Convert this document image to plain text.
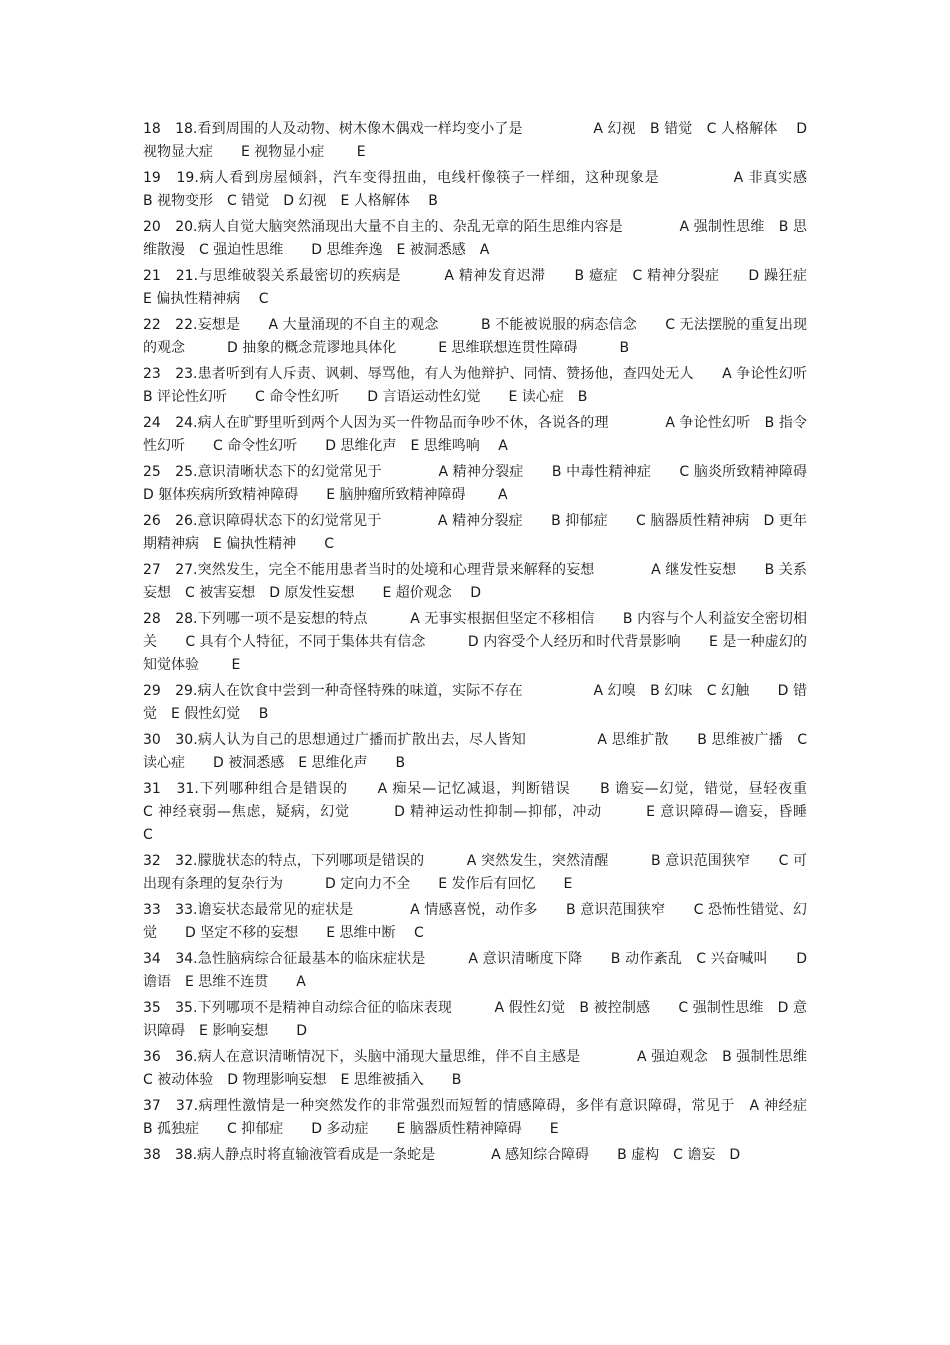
18　 18.看到周围的人及动物、树木像木偶戏一样均变小了是　　　　　A 幻视　B 错觉　C 人格解体　 D 视物显大症　　E 视物显小症　　 E

19　 19.病人看到房屋倾斜，汽车变得扭曲，电线杆像筷子一样细，这种现象是　　　　　A 非真实感　　B 视物变形　C 错觉　D 幻视　E 人格解体　 B

20　 20.病人自觉大脑突然涌现出大量不自主的、杂乱无章的陌生思维内容是　　　　A 强制性思维　B 思维散漫　C 强迫性思维　　D 思维奔逸　E 被洞悉感　A

21　 21.与思维破裂关系最密切的疾病是　　　A 精神发育迟滞　　B 癔症　C 精神分裂症　　D 躁狂症　　E 偏执性精神病　 C

22　 22.妄想是　　A 大量涌现的不自主的观念　　　B 不能被说服的病态信念　　C 无法摆脱的重复出现的观念　　　D 抽象的概念荒谬地具体化　　　E 思维联想连贯性障碍　　　B

23　 23.患者听到有人斥责、讽刺、辱骂他，有人为他辩护、同情、赞扬他，查四处无人　　A 争论性幻听　　B 评论性幻听　　C 命令性幻听　　D 言语运动性幻觉　　E 读心症　B

24　 24.病人在旷野里听到两个人因为买一件物品而争吵不休，各说各的理　　　　A 争论性幻听　B 指令性幻听　　C 命令性幻听　　D 思维化声　E 思维鸣响　 A

25　 25.意识清晰状态下的幻觉常见于　　　　A 精神分裂症　　B 中毒性精神症　　C 脑炎所致精神障碍　　D 躯体疾病所致精神障碍　　E 脑肿瘤所致精神障碍　　 A

26　 26.意识障碍状态下的幻觉常见于　　　　A 精神分裂症　　B 抑郁症　　C 脑器质性精神病　D 更年期精神病　E 偏执性精神　　C

27　 27.突然发生，完全不能用患者当时的处境和心理背景来解释的妄想　　　　A 继发性妄想　　B 关系妄想　C 被害妄想　D 原发性妄想　　E 超价观念　 D

28　 28.下列哪一项不是妄想的特点　　　A 无事实根据但坚定不移相信　　B 内容与个人利益安全密切相关　　C 具有个人特征，不同于集体共有信念　　　D 内容受个人经历和时代背景影响　　E 是一种虚幻的知觉体验　　 E

29　 29.病人在饮食中尝到一种奇怪特殊的味道，实际不存在　　　　　A 幻嗅　B 幻味　C 幻触　　D 错觉　E 假性幻觉　 B

30　 30.病人认为自己的思想通过广播而扩散出去，尽人皆知　　　　　A 思维扩散　　B 思维被广播　C 读心症　　D 被洞悉感　E 思维化声　　B

31　 31.下列哪种组合是错误的　　A 痴呆—记忆减退，判断错误　　B 谵妄—幻觉，错觉，昼轻夜重　　C 神经衰弱—焦虑，疑病，幻觉　　　D 精神运动性抑制—抑郁，冲动　　　E 意识障碍—谵妄，昏睡　　　C

32　 32.朦胧状态的特点，下列哪项是错误的　　　A 突然发生，突然清醒　　　B 意识范围狭窄　　C 可出现有条理的复杂行为　　　D 定向力不全　　E 发作后有回忆　　E

33　 33.谵妄状态最常见的症状是　　　　A 情感喜悦，动作多　　B 意识范围狭窄　　C 恐怖性错觉、幻觉　　D 坚定不移的妄想　　E 思维中断　 C

34　 34.急性脑病综合征最基本的临床症状是　　　A 意识清晰度下降　　B 动作紊乱　C 兴奋喊叫　　D 谵语　E 思维不连贯　　A

35　 35.下列哪项不是精神自动综合征的临床表现　　　A 假性幻觉　B 被控制感　　C 强制性思维　D 意识障碍　E 影响妄想　　D

36　 36.病人在意识清晰情况下，头脑中涌现大量思维，伴不自主感是　　　　A 强迫观念　B 强制性思维　　C 被动体验　D 物理影响妄想　E 思维被插入　　B

37　 37.病理性激情是一种突然发作的非常强烈而短暂的情感障碍，多伴有意识障碍，常见于　A 神经症　　B 孤独症　　C 抑郁症　　D 多动症　　E 脑器质性精神障碍　　E

38　 38.病人静点时将直输液管看成是一条蛇是　　　　A 感知综合障碍　　B 虚构　C 谵妄　D
